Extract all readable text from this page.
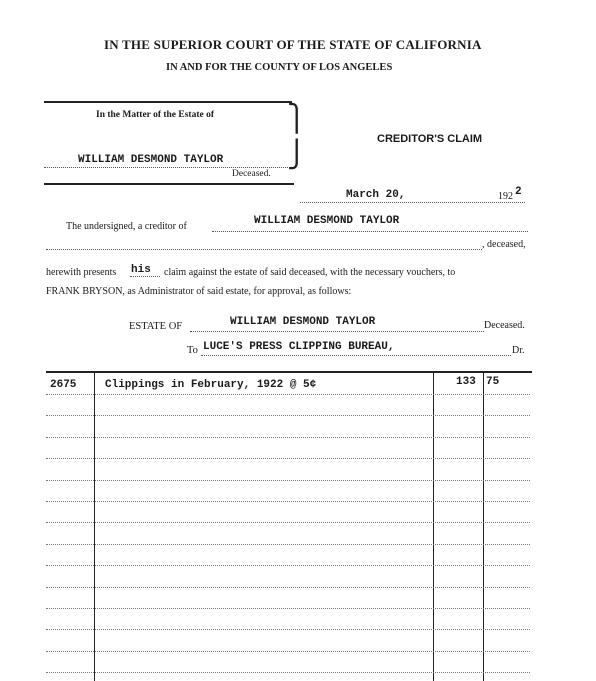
IN THE SUPERIOR COURT OF THE STATE OF CALIFORNIA
IN AND FOR THE COUNTY OF LOS ANGELES
In the Matter of the Estate of
WILLIAM DESMOND TAYLOR
Deceased.
⎫
⎭
CREDITOR'S CLAIM
March 20,	192 2
The undersigned, a creditor of	WILLIAM DESMOND TAYLOR
, deceased,
herewith presents his claim against the estate of said deceased, with the necessary vouchers, to
FRANK BRYSON, as Administrator of said estate, for approval, as follows:
ESTATE OF	WILLIAM DESMOND TAYLOR	Deceased.
To LUCE'S PRESS CLIPPING BUREAU,	Dr.
2675	Clippings in February, 1922 @ 5¢	133 75
